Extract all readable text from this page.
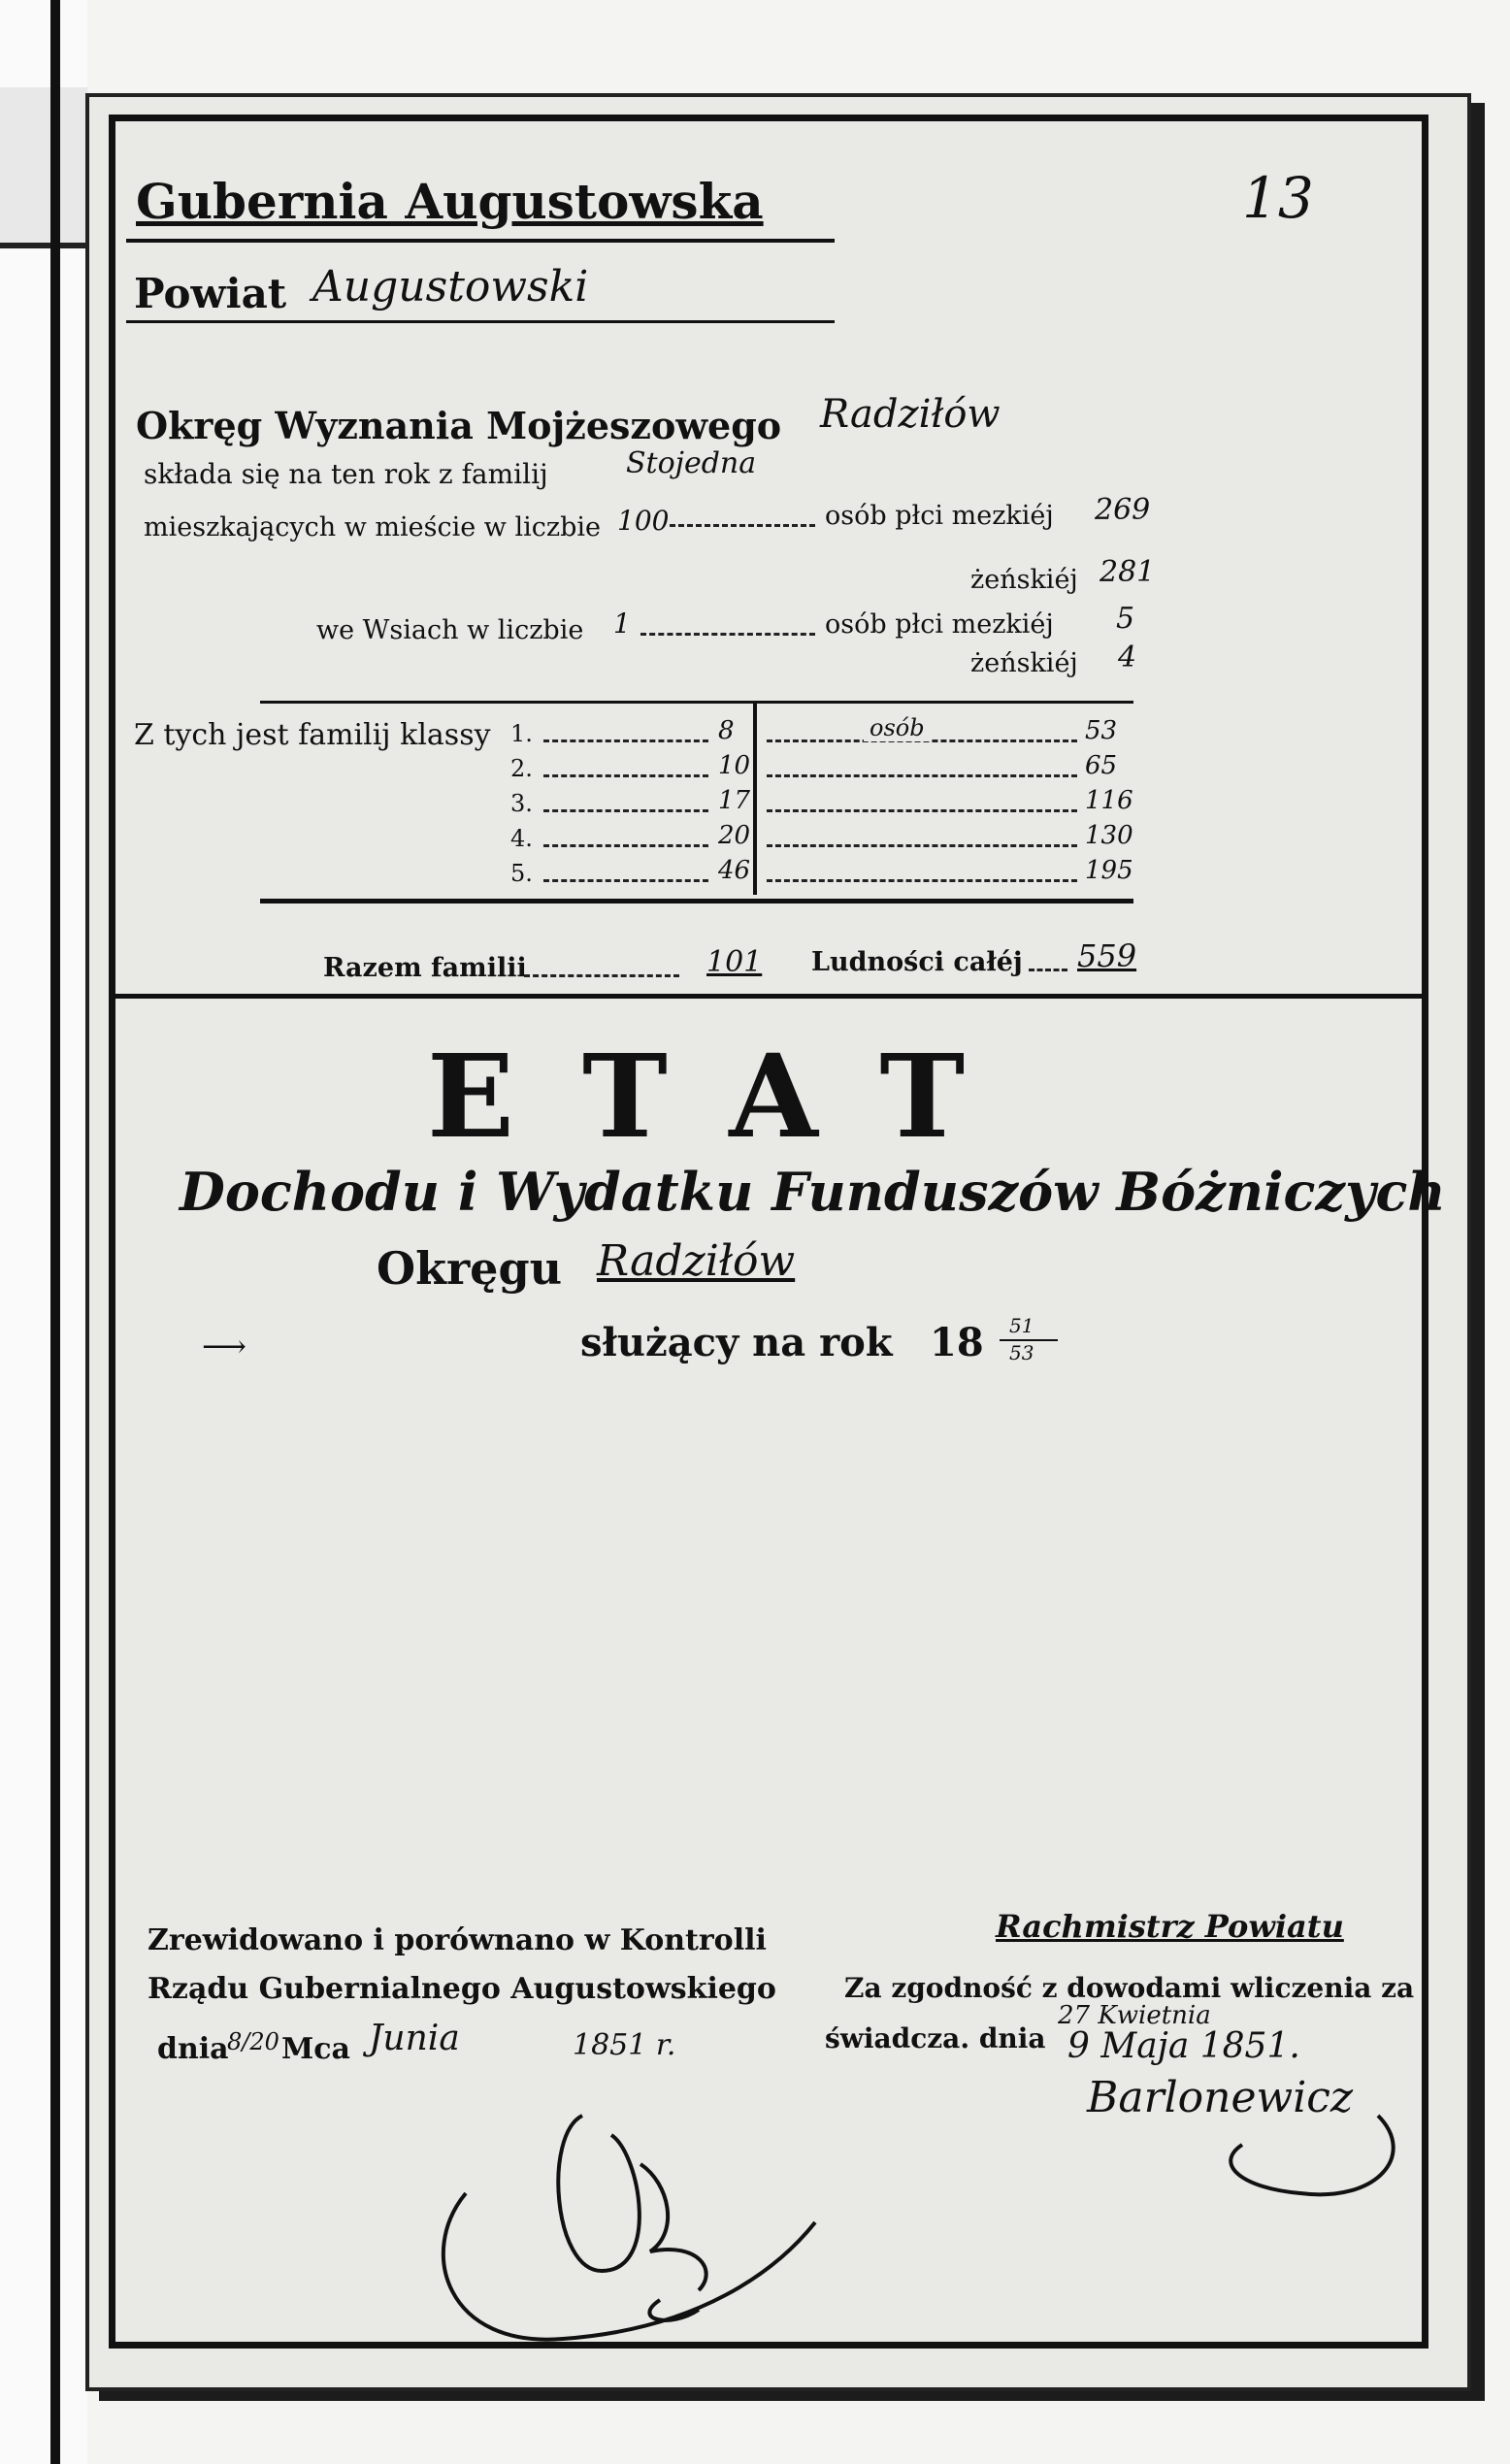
13
Gubernia Augustowska
Powiat Augustowski
Okręg Wyznania Mojżeszowego Radziłów
składa się na ten rok z familij	Stojedna
mieszkających w mieście w liczbie 100	osób płci mezkiéj 269
żeńskiéj 281
we Wsiach w liczbie 1	osób płci mezkiéj 5
żeńskiéj 4
Z tych jest familij klassy 1.	8	osób	53
2.	10	65
3.	17	116
4.	20	130
5.	46	195
Razem familii	101 Ludności całéj 559
ETAT
Dochodu i Wydatku Funduszów Bóżniczych
Okręgu Radziłów
służący na rok 18 51
53
⟶
Zrewidowano i porównano w Kontrolli
Rządu Gubernialnego Augustowskiego
dnia
8/20 Mca Junia	1851 r.
Rachmistrz Powiatu
Za zgodność z dowodami wliczenia za
świadcza. dnia
27 Kwietnia
9 Maja 1851.
Barlonewicz
